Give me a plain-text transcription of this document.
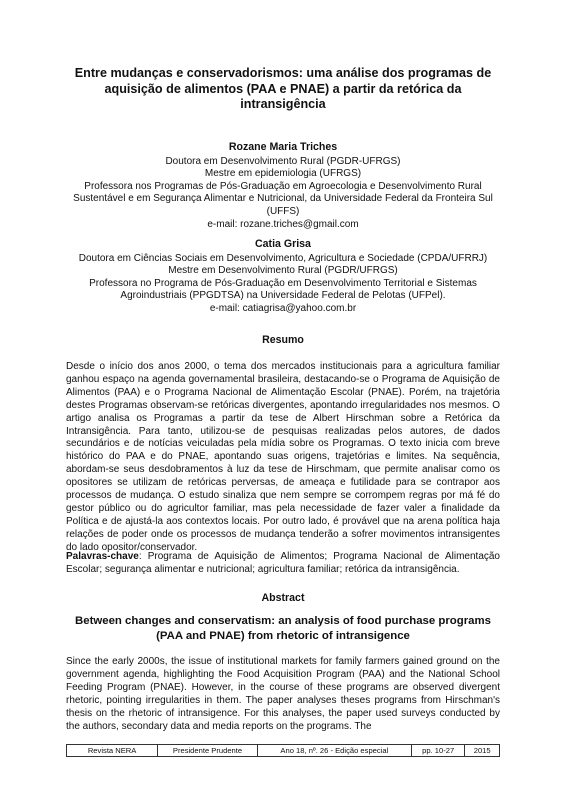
Entre mudanças e conservadorismos: uma análise dos programas de aquisição de alimentos (PAA e PNAE) a partir da retórica da intransigência
Rozane Maria Triches
Doutora em Desenvolvimento Rural (PGDR-UFRGS)
Mestre em epidemiologia (UFRGS)
Professora nos Programas de Pós-Graduação em Agroecologia e Desenvolvimento Rural Sustentável e em Segurança Alimentar e Nutricional, da Universidade Federal da Fronteira Sul (UFFS)
e-mail: rozane.triches@gmail.com
Catia Grisa
Doutora em Ciências Sociais em Desenvolvimento, Agricultura e Sociedade (CPDA/UFRRJ)
Mestre em Desenvolvimento Rural (PGDR/UFRGS)
Professora no Programa de Pós-Graduação em Desenvolvimento Territorial e Sistemas Agroindustriais (PPGDTSA) na Universidade Federal de Pelotas (UFPel).
e-mail: catiagrisa@yahoo.com.br
Resumo

Desde o início dos anos 2000, o tema dos mercados institucionais para a agricultura familiar ganhou espaço na agenda governamental brasileira, destacando-se o Programa de Aquisição de Alimentos (PAA) e o Programa Nacional de Alimentação Escolar (PNAE). Porém, na trajetória destes Programas observam-se retóricas divergentes, apontando irregularidades nos mesmos. O artigo analisa os Programas a partir da tese de Albert Hirschman sobre a Retórica da Intransigência. Para tanto, utilizou-se de pesquisas realizadas pelos autores, de dados secundários e de notícias veiculadas pela mídia sobre os Programas. O texto inicia com breve histórico do PAA e do PNAE, apontando suas origens, trajetórias e limites. Na sequência, abordam-se seus desdobramentos à luz da tese de Hirschmam, que permite analisar como os opositores se utilizam de retóricas perversas, de ameaça e futilidade para se contrapor aos processos de mudança. O estudo sinaliza que nem sempre se corrompem regras por má fé do gestor público ou do agricultor familiar, mas pela necessidade de fazer valer a finalidade da Política e de ajustá-la aos contextos locais. Por outro lado, é provável que na arena política haja relações de poder onde os processos de mudança tenderão a sofrer movimentos intransigentes do lado opositor/conservador.

Palavras-chave: Programa de Aquisição de Alimentos; Programa Nacional de Alimentação Escolar; segurança alimentar e nutricional; agricultura familiar; retórica da intransigência.

Abstract
Between changes and conservatism: an analysis of food purchase programs (PAA and PNAE) from rhetoric of intransigence

Since the early 2000s, the issue of institutional markets for family farmers gained ground on the government agenda, highlighting the Food Acquisition Program (PAA) and the National School Feeding Program (PNAE). However, in the course of these programs are observed divergent rhetoric, pointing irregularities in them. The paper analyses theses programs from Hirschman's thesis on the rhetoric of intransigence. For this analyses, the paper used surveys conducted by the authors, secondary data and media reports on the programs. The

Revista NERA	Presidente Prudente	Ano 18, nº. 26 - Edição especial	pp. 10-27	2015
